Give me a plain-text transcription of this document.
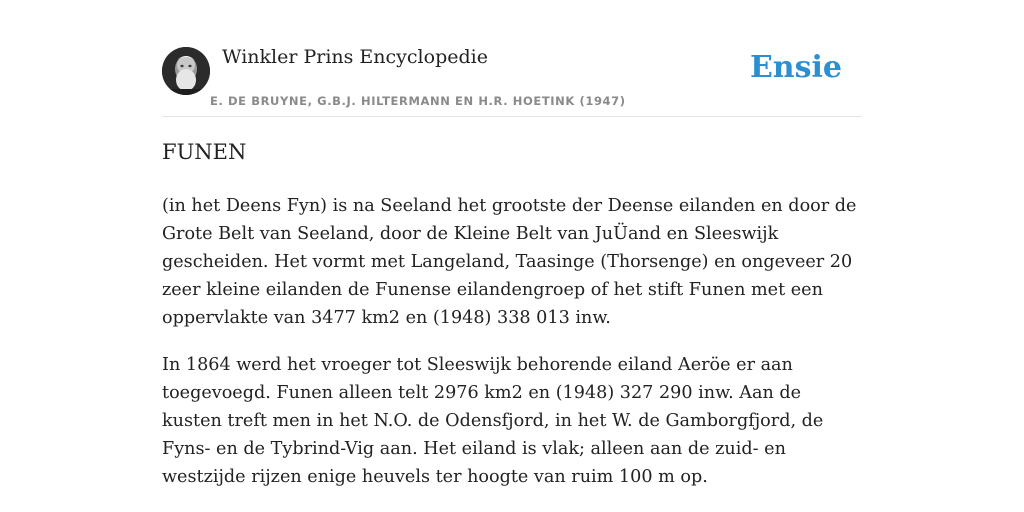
Winkler Prins Encyclopedie
E. DE BRUYNE, G.B.J. HILTERMANN EN H.R. HOETINK (1947)
Ensie
FUNEN

(in het Deens Fyn) is na Seeland het grootste der Deense eilanden en door de Grote Belt van Seeland, door de Kleine Belt van JuÜand en Sleeswijk gescheiden. Het vormt met Langeland, Taasinge (Thorsenge) en ongeveer 20 zeer kleine eilanden de Funense eilandengroep of het stift Funen met een oppervlakte van 3477 km2 en (1948) 338 013 inw.

In 1864 werd het vroeger tot Sleeswijk behorende eiland Aeröe er aan toegevoegd. Funen alleen telt 2976 km2 en (1948) 327 290 inw. Aan de kusten treft men in het N.O. de Odensfjord, in het W. de Gamborgfjord, de Fyns- en de Tybrind-Vig aan. Het eiland is vlak; alleen aan de zuid- en westzijde rijzen enige heuvels ter hoogte van ruim 100 m op.
